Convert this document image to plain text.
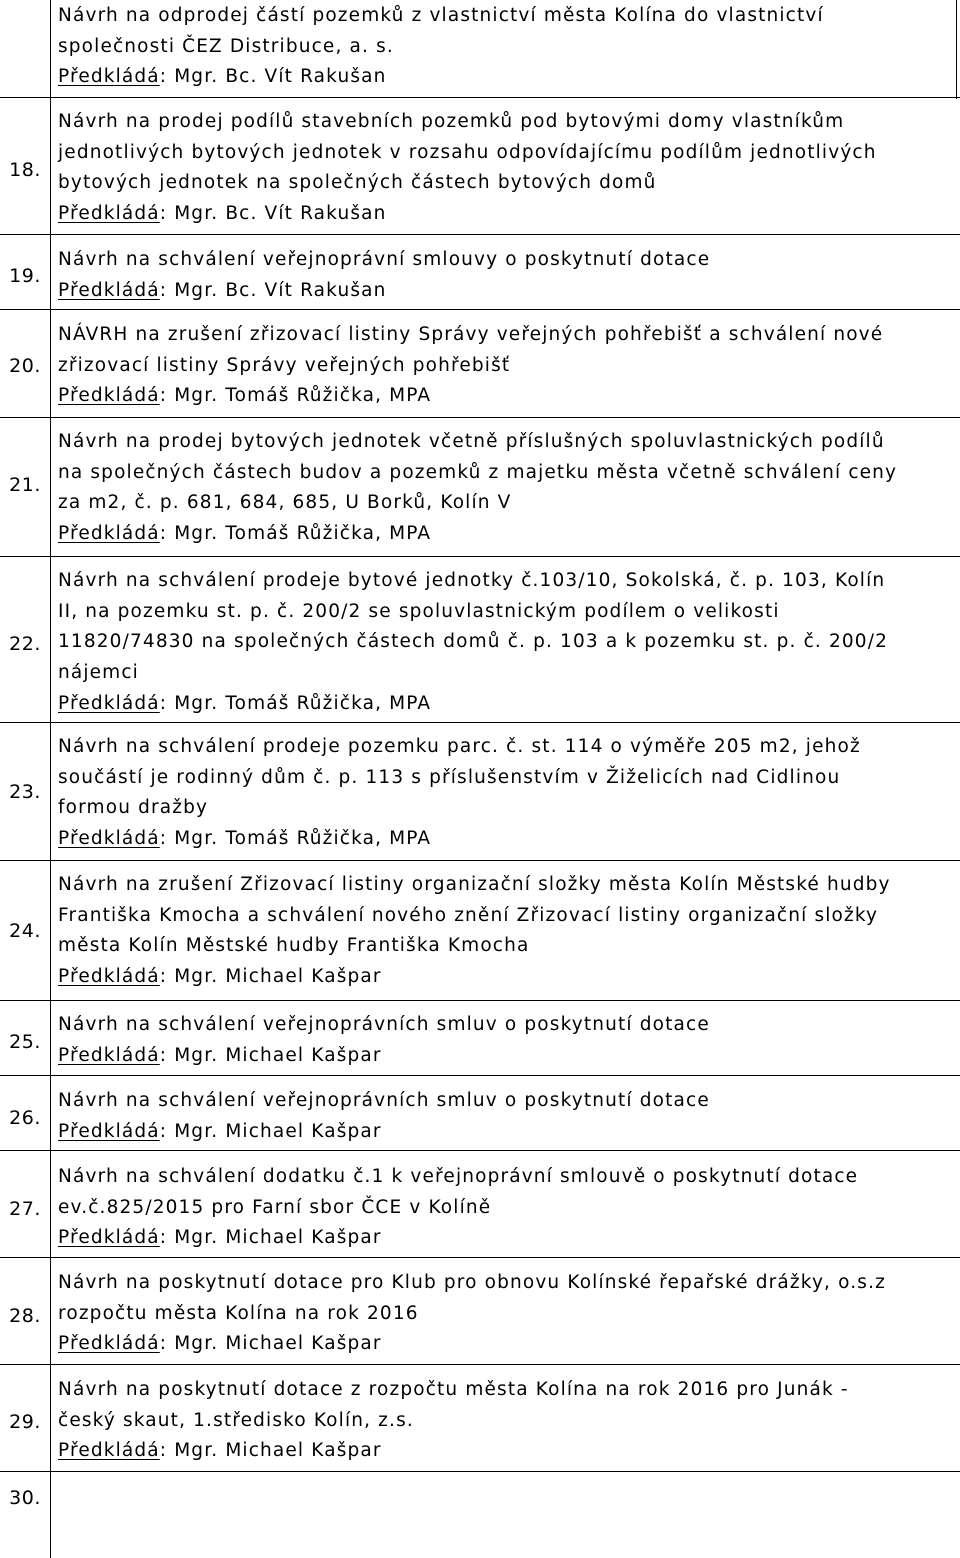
Návrh na odprodej částí pozemků z vlastnictví města Kolína do vlastnictví
společnosti ČEZ Distribuce, a. s.
Předkládá: Mgr. Bc. Vít Rakušan
18.
Návrh na prodej podílů stavebních pozemků pod bytovými domy vlastníkům
jednotlivých bytových jednotek v rozsahu odpovídajícímu podílům jednotlivých
bytových jednotek na společných částech bytových domů
Předkládá: Mgr. Bc. Vít Rakušan
19.
Návrh na schválení veřejnoprávní smlouvy o poskytnutí dotace
Předkládá: Mgr. Bc. Vít Rakušan
20.
NÁVRH na zrušení zřizovací listiny Správy veřejných pohřebišť a schválení nové
zřizovací listiny Správy veřejných pohřebišť
Předkládá: Mgr. Tomáš Růžička, MPA
21.
Návrh na prodej bytových jednotek včetně příslušných spoluvlastnických podílů
na společných částech budov a pozemků z majetku města včetně schválení ceny
za m2, č. p. 681, 684, 685, U Borků, Kolín V
Předkládá: Mgr. Tomáš Růžička, MPA
22.
Návrh na schválení prodeje bytové jednotky č.103/10, Sokolská, č. p. 103, Kolín
II, na pozemku st. p. č. 200/2 se spoluvlastnickým podílem o velikosti
11820/74830 na společných částech domů č. p. 103 a k pozemku st. p. č. 200/2
nájemci
Předkládá: Mgr. Tomáš Růžička, MPA
23.
Návrh na schválení prodeje pozemku parc. č. st. 114 o výměře 205 m2, jehož
součástí je rodinný dům č. p. 113 s příslušenstvím v Žiželicích nad Cidlinou
formou dražby
Předkládá: Mgr. Tomáš Růžička, MPA
24.
Návrh na zrušení Zřizovací listiny organizační složky města Kolín Městské hudby
Františka Kmocha a schválení nového znění Zřizovací listiny organizační složky
města Kolín Městské hudby Františka Kmocha
Předkládá: Mgr. Michael Kašpar
25.
Návrh na schválení veřejnoprávních smluv o poskytnutí dotace
Předkládá: Mgr. Michael Kašpar
26.
Návrh na schválení veřejnoprávních smluv o poskytnutí dotace
Předkládá: Mgr. Michael Kašpar
27.
Návrh na schválení dodatku č.1 k veřejnoprávní smlouvě o poskytnutí dotace
ev.č.825/2015 pro Farní sbor ČCE v Kolíně
Předkládá: Mgr. Michael Kašpar
28.
Návrh na poskytnutí dotace pro Klub pro obnovu Kolínské řepařské drážky, o.s.z
rozpočtu města Kolína na rok 2016
Předkládá: Mgr. Michael Kašpar
29.
Návrh na poskytnutí dotace z rozpočtu města Kolína na rok 2016 pro Junák -
český skaut, 1.středisko Kolín, z.s.
Předkládá: Mgr. Michael Kašpar
30.
